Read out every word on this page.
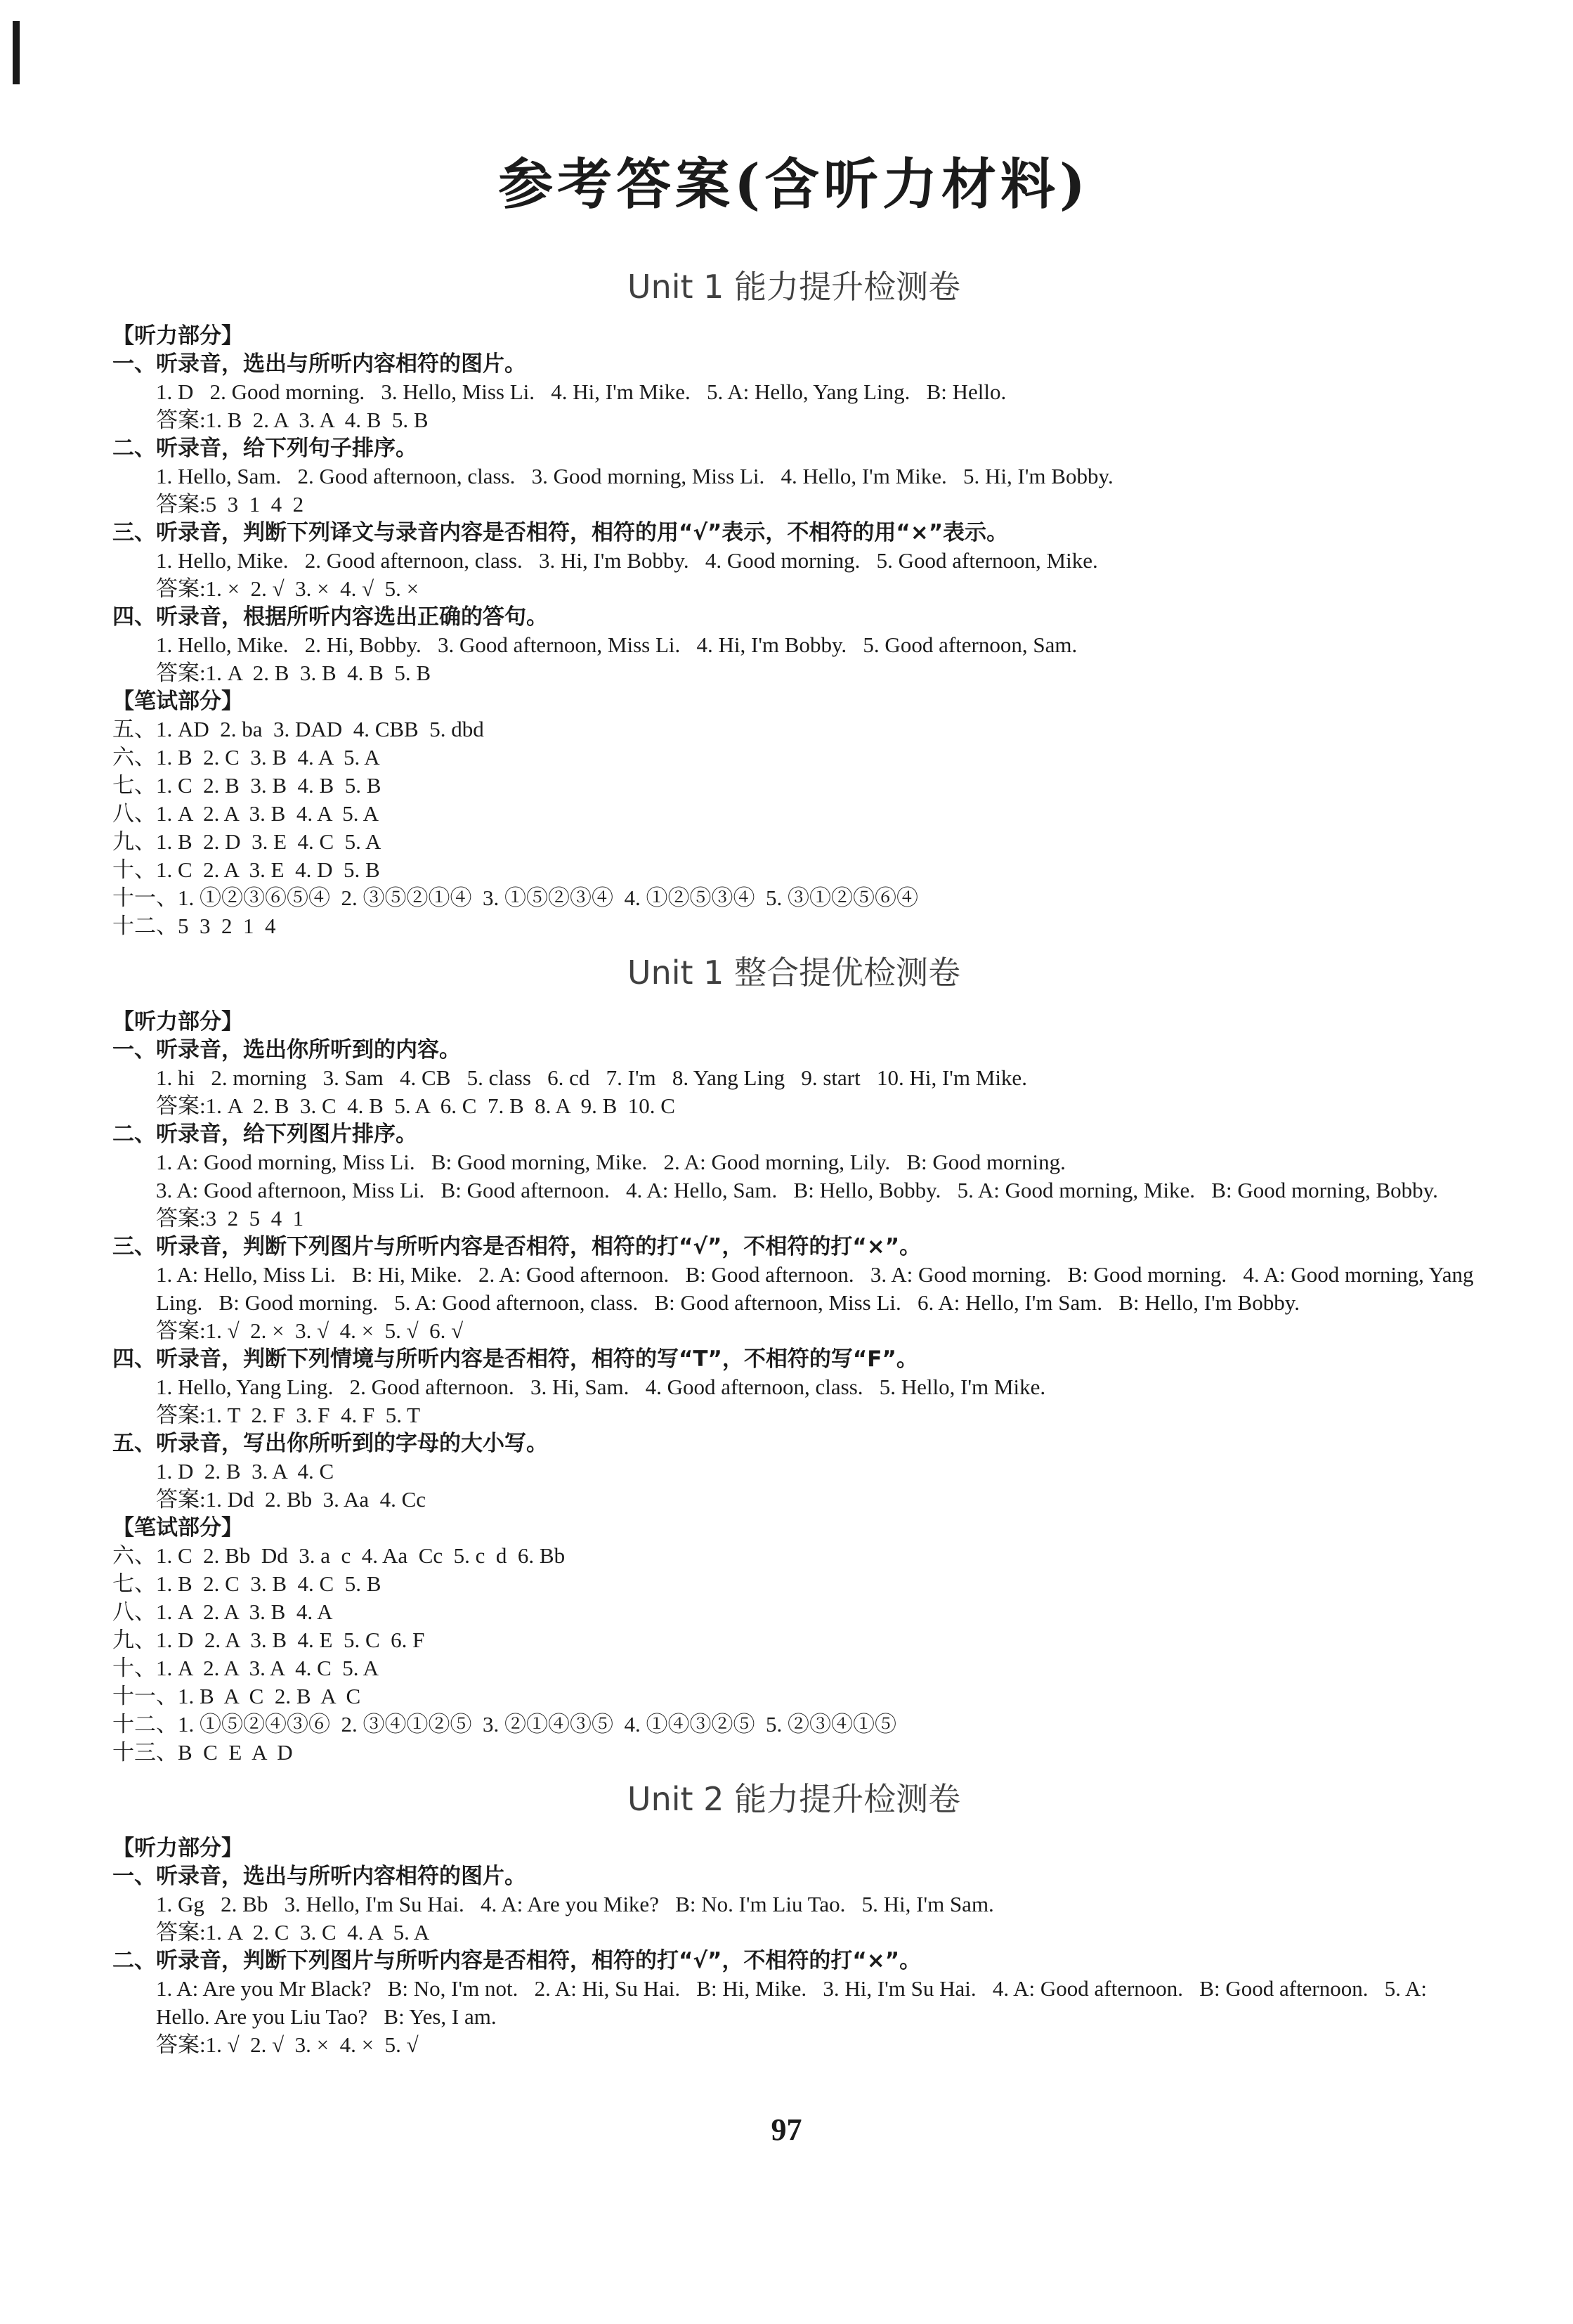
参考答案(含听力材料)
Unit 1 能力提升检测卷
【听力部分】
一、听录音，选出与所听内容相符的图片。
1. D   2. Good morning.   3. Hello, Miss Li.   4. Hi, I'm Mike.   5. A: Hello, Yang Ling.   B: Hello.
答案:1. B  2. A  3. A  4. B  5. B
二、听录音，给下列句子排序。
1. Hello, Sam.   2. Good afternoon, class.   3. Good morning, Miss Li.   4. Hello, I'm Mike.   5. Hi, I'm Bobby.
答案:5  3  1  4  2
三、听录音，判断下列译文与录音内容是否相符，相符的用“√”表示，不相符的用“×”表示。
1. Hello, Mike.   2. Good afternoon, class.   3. Hi, I'm Bobby.   4. Good morning.   5. Good afternoon, Mike.
答案:1. ×  2. √  3. ×  4. √  5. ×
四、听录音，根据所听内容选出正确的答句。
1. Hello, Mike.   2. Hi, Bobby.   3. Good afternoon, Miss Li.   4. Hi, I'm Bobby.   5. Good afternoon, Sam.
答案:1. A  2. B  3. B  4. B  5. B
【笔试部分】
五、1. AD  2. ba  3. DAD  4. CBB  5. dbd
六、1. B  2. C  3. B  4. A  5. A
七、1. C  2. B  3. B  4. B  5. B
八、1. A  2. A  3. B  4. A  5. A
九、1. B  2. D  3. E  4. C  5. A
十、1. C  2. A  3. E  4. D  5. B
十一、1. ①②③⑥⑤④  2. ③⑤②①④  3. ①⑤②③④  4. ①②⑤③④  5. ③①②⑤⑥④
十二、5  3  2  1  4
Unit 1 整合提优检测卷
【听力部分】
一、听录音，选出你所听到的内容。
1. hi   2. morning   3. Sam   4. CB   5. class   6. cd   7. I'm   8. Yang Ling   9. start   10. Hi, I'm Mike.
答案:1. A  2. B  3. C  4. B  5. A  6. C  7. B  8. A  9. B  10. C
二、听录音，给下列图片排序。
1. A: Good morning, Miss Li.   B: Good morning, Mike.   2. A: Good morning, Lily.   B: Good morning.
3. A: Good afternoon, Miss Li.   B: Good afternoon.   4. A: Hello, Sam.   B: Hello, Bobby.   5. A: Good morning, Mike.   B: Good morning, Bobby.
答案:3  2  5  4  1
三、听录音，判断下列图片与所听内容是否相符，相符的打“√”，不相符的打“×”。
1. A: Hello, Miss Li.   B: Hi, Mike.   2. A: Good afternoon.   B: Good afternoon.   3. A: Good morning.   B: Good morning.   4. A: Good morning, Yang Ling.   B: Good morning.   5. A: Good afternoon, class.   B: Good afternoon, Miss Li.   6. A: Hello, I'm Sam.   B: Hello, I'm Bobby.
答案:1. √  2. ×  3. √  4. ×  5. √  6. √
四、听录音，判断下列情境与所听内容是否相符，相符的写“T”，不相符的写“F”。
1. Hello, Yang Ling.   2. Good afternoon.   3. Hi, Sam.   4. Good afternoon, class.   5. Hello, I'm Mike.
答案:1. T  2. F  3. F  4. F  5. T
五、听录音，写出你所听到的字母的大小写。
1. D  2. B  3. A  4. C
答案:1. Dd  2. Bb  3. Aa  4. Cc
【笔试部分】
六、1. C  2. Bb  Dd  3. a  c  4. Aa  Cc  5. c  d  6. Bb
七、1. B  2. C  3. B  4. C  5. B
八、1. A  2. A  3. B  4. A
九、1. D  2. A  3. B  4. E  5. C  6. F
十、1. A  2. A  3. A  4. C  5. A
十一、1. B  A  C  2. B  A  C
十二、1. ①⑤②④③⑥  2. ③④①②⑤  3. ②①④③⑤  4. ①④③②⑤  5. ②③④①⑤
十三、B  C  E  A  D
Unit 2 能力提升检测卷
【听力部分】
一、听录音，选出与所听内容相符的图片。
1. Gg   2. Bb   3. Hello, I'm Su Hai.   4. A: Are you Mike?   B: No. I'm Liu Tao.   5. Hi, I'm Sam.
答案:1. A  2. C  3. C  4. A  5. A
二、听录音，判断下列图片与所听内容是否相符，相符的打“√”，不相符的打“×”。
1. A: Are you Mr Black?   B: No, I'm not.   2. A: Hi, Su Hai.   B: Hi, Mike.   3. Hi, I'm Su Hai.   4. A: Good afternoon.   B: Good afternoon.   5. A: Hello. Are you Liu Tao?   B: Yes, I am.
答案:1. √  2. √  3. ×  4. ×  5. √
97
